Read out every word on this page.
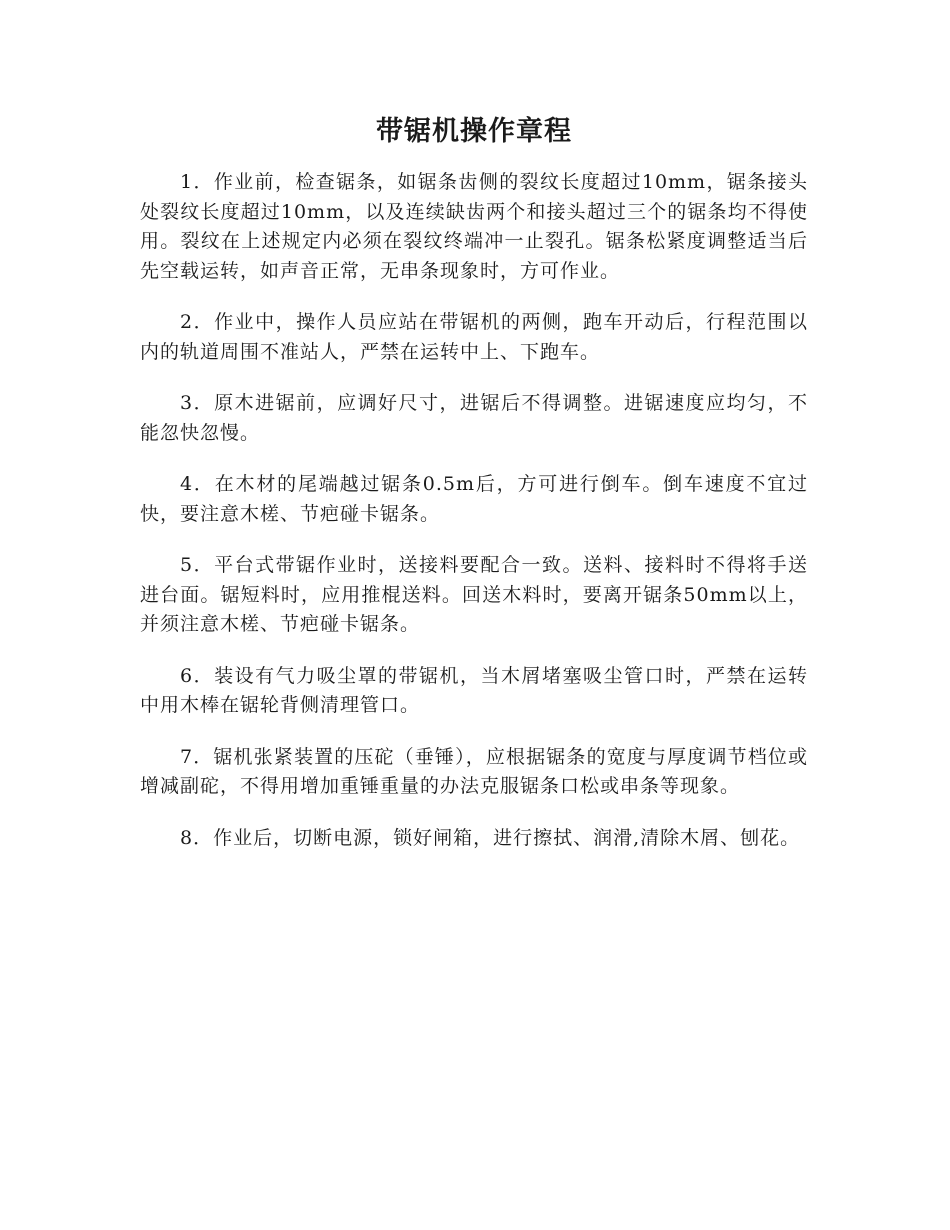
带锯机操作章程

1．作业前，检查锯条，如锯条齿侧的裂纹长度超过10mm，锯条接头处裂纹长度超过10mm，以及连续缺齿两个和接头超过三个的锯条均不得使用。裂纹在上述规定内必须在裂纹终端冲一止裂孔。锯条松紧度调整适当后先空载运转，如声音正常，无串条现象时，方可作业。

2．作业中，操作人员应站在带锯机的两侧，跑车开动后，行程范围以内的轨道周围不准站人，严禁在运转中上、下跑车。

3．原木进锯前，应调好尺寸，进锯后不得调整。进锯速度应均匀，不能忽快忽慢。

4．在木材的尾端越过锯条0.5m后，方可进行倒车。倒车速度不宜过快，要注意木槎、节疤碰卡锯条。

5．平台式带锯作业时，送接料要配合一致。送料、接料时不得将手送进台面。锯短料时，应用推棍送料。回送木料时，要离开锯条50mm以上，并须注意木槎、节疤碰卡锯条。

6．装设有气力吸尘罩的带锯机，当木屑堵塞吸尘管口时，严禁在运转中用木棒在锯轮背侧清理管口。

7．锯机张紧装置的压砣（垂锤），应根据锯条的宽度与厚度调节档位或增减副砣，不得用增加重锤重量的办法克服锯条口松或串条等现象。

8．作业后，切断电源，锁好闸箱，进行擦拭、润滑,清除木屑、刨花。
